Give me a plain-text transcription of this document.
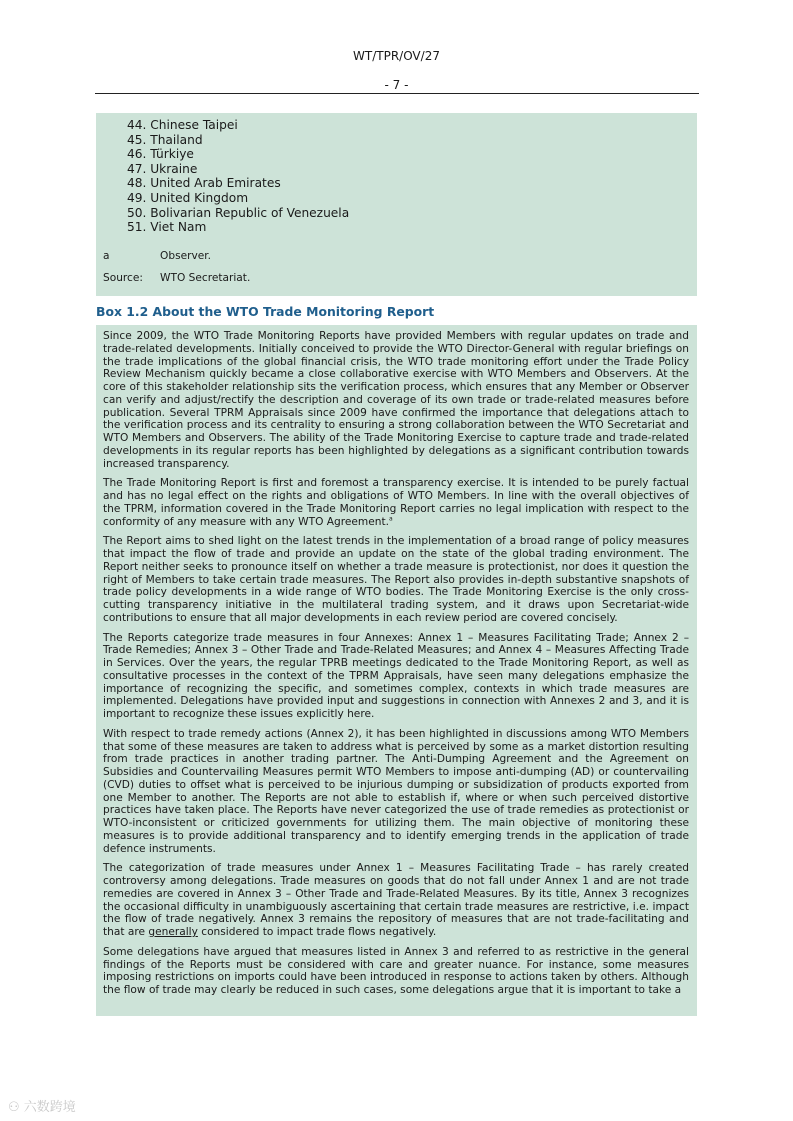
WT/TPR/OV/27
- 7 -
44. Chinese Taipei
45. Thailand
46. Türkiye
47. Ukraine
48. United Arab Emirates
49. United Kingdom
50. Bolivarian Republic of Venezuela
51. Viet Nam
a	Observer.
Source: WTO Secretariat.
Box 1.2 About the WTO Trade Monitoring Report

Since 2009, the WTO Trade Monitoring Reports have provided Members with regular updates on trade and trade-related developments. Initially conceived to provide the WTO Director-General with regular briefings on the trade implications of the global financial crisis, the WTO trade monitoring effort under the Trade Policy Review Mechanism quickly became a close collaborative exercise with WTO Members and Observers. At the core of this stakeholder relationship sits the verification process, which ensures that any Member or Observer can verify and adjust/rectify the description and coverage of its own trade or trade-related measures before publication. Several TPRM Appraisals since 2009 have confirmed the importance that delegations attach to the verification process and its centrality to ensuring a strong collaboration between the WTO Secretariat and WTO Members and Observers. The ability of the Trade Monitoring Exercise to capture trade and trade-related developments in its regular reports has been highlighted by delegations as a significant contribution towards increased transparency.

The Trade Monitoring Report is first and foremost a transparency exercise. It is intended to be purely factual and has no legal effect on the rights and obligations of WTO Members. In line with the overall objectives of the TPRM, information covered in the Trade Monitoring Report carries no legal implication with respect to the conformity of any measure with any WTO Agreement.$^a$

The Report aims to shed light on the latest trends in the implementation of a broad range of policy measures that impact the flow of trade and provide an update on the state of the global trading environment. The Report neither seeks to pronounce itself on whether a trade measure is protectionist, nor does it question the right of Members to take certain trade measures. The Report also provides in-depth substantive snapshots of trade policy developments in a wide range of WTO bodies. The Trade Monitoring Exercise is the only cross-cutting transparency initiative in the multilateral trading system, and it draws upon Secretariat-wide contributions to ensure that all major developments in each review period are covered concisely.

The Reports categorize trade measures in four Annexes: Annex 1 – Measures Facilitating Trade; Annex 2 – Trade Remedies; Annex 3 – Other Trade and Trade-Related Measures; and Annex 4 – Measures Affecting Trade in Services. Over the years, the regular TPRB meetings dedicated to the Trade Monitoring Report, as well as consultative processes in the context of the TPRM Appraisals, have seen many delegations emphasize the importance of recognizing the specific, and sometimes complex, contexts in which trade measures are implemented. Delegations have provided input and suggestions in connection with Annexes 2 and 3, and it is important to recognize these issues explicitly here.

With respect to trade remedy actions (Annex 2), it has been highlighted in discussions among WTO Members that some of these measures are taken to address what is perceived by some as a market distortion resulting from trade practices in another trading partner. The Anti-Dumping Agreement and the Agreement on Subsidies and Countervailing Measures permit WTO Members to impose anti-dumping (AD) or countervailing (CVD) duties to offset what is perceived to be injurious dumping or subsidization of products exported from one Member to another. The Reports are not able to establish if, where or when such perceived distortive practices have taken place. The Reports have never categorized the use of trade remedies as protectionist or WTO-inconsistent or criticized governments for utilizing them. The main objective of monitoring these measures is to provide additional transparency and to identify emerging trends in the application of trade defence instruments.

The categorization of trade measures under Annex 1 – Measures Facilitating Trade – has rarely created controversy among delegations. Trade measures on goods that do not fall under Annex 1 and are not trade remedies are covered in Annex 3 – Other Trade and Trade-Related Measures. By its title, Annex 3 recognizes the occasional difficulty in unambiguously ascertaining that certain trade measures are restrictive, i.e. impact the flow of trade negatively. Annex 3 remains the repository of measures that are not trade-facilitating and that are generally considered to impact trade flows negatively.

Some delegations have argued that measures listed in Annex 3 and referred to as restrictive in the general findings of the Reports must be considered with care and greater nuance. For instance, some measures imposing restrictions on imports could have been introduced in response to actions taken by others. Although the flow of trade may clearly be reduced in such cases, some delegations argue that it is important to take a

⚇ 六数跨境
